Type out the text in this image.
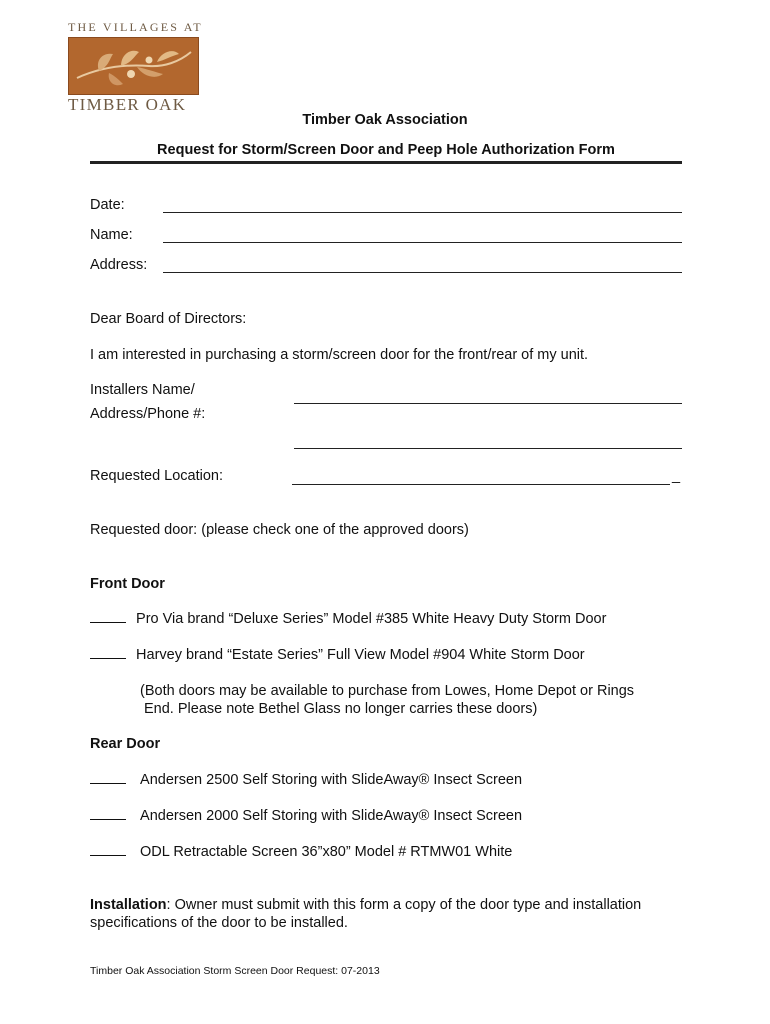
THE VILLAGES AT
TIMBER OAK
Timber Oak Association
Request for Storm/Screen Door and Peep Hole Authorization Form
Date:
Name:
Address:
Dear Board of Directors:
I am interested in purchasing a storm/screen door for the front/rear of my unit.
Installers Name/
Address/Phone #:
Requested Location:	_
Requested door: (please check one of the approved doors)
Front Door
Pro Via brand “Deluxe Series” Model #385 White Heavy Duty Storm Door
Harvey brand “Estate Series” Full View Model #904 White Storm Door
(Both doors may be available to purchase from Lowes, Home Depot or Rings
End. Please note Bethel Glass no longer carries these doors)
Rear Door
Andersen 2500 Self Storing with SlideAway® Insect Screen
Andersen 2000 Self Storing with SlideAway® Insect Screen
ODL Retractable Screen 36”x80” Model # RTMW01 White
Installation: Owner must submit with this form a copy of the door type and installation
specifications of the door to be installed.
Timber Oak Association Storm Screen Door Request: 07-2013
